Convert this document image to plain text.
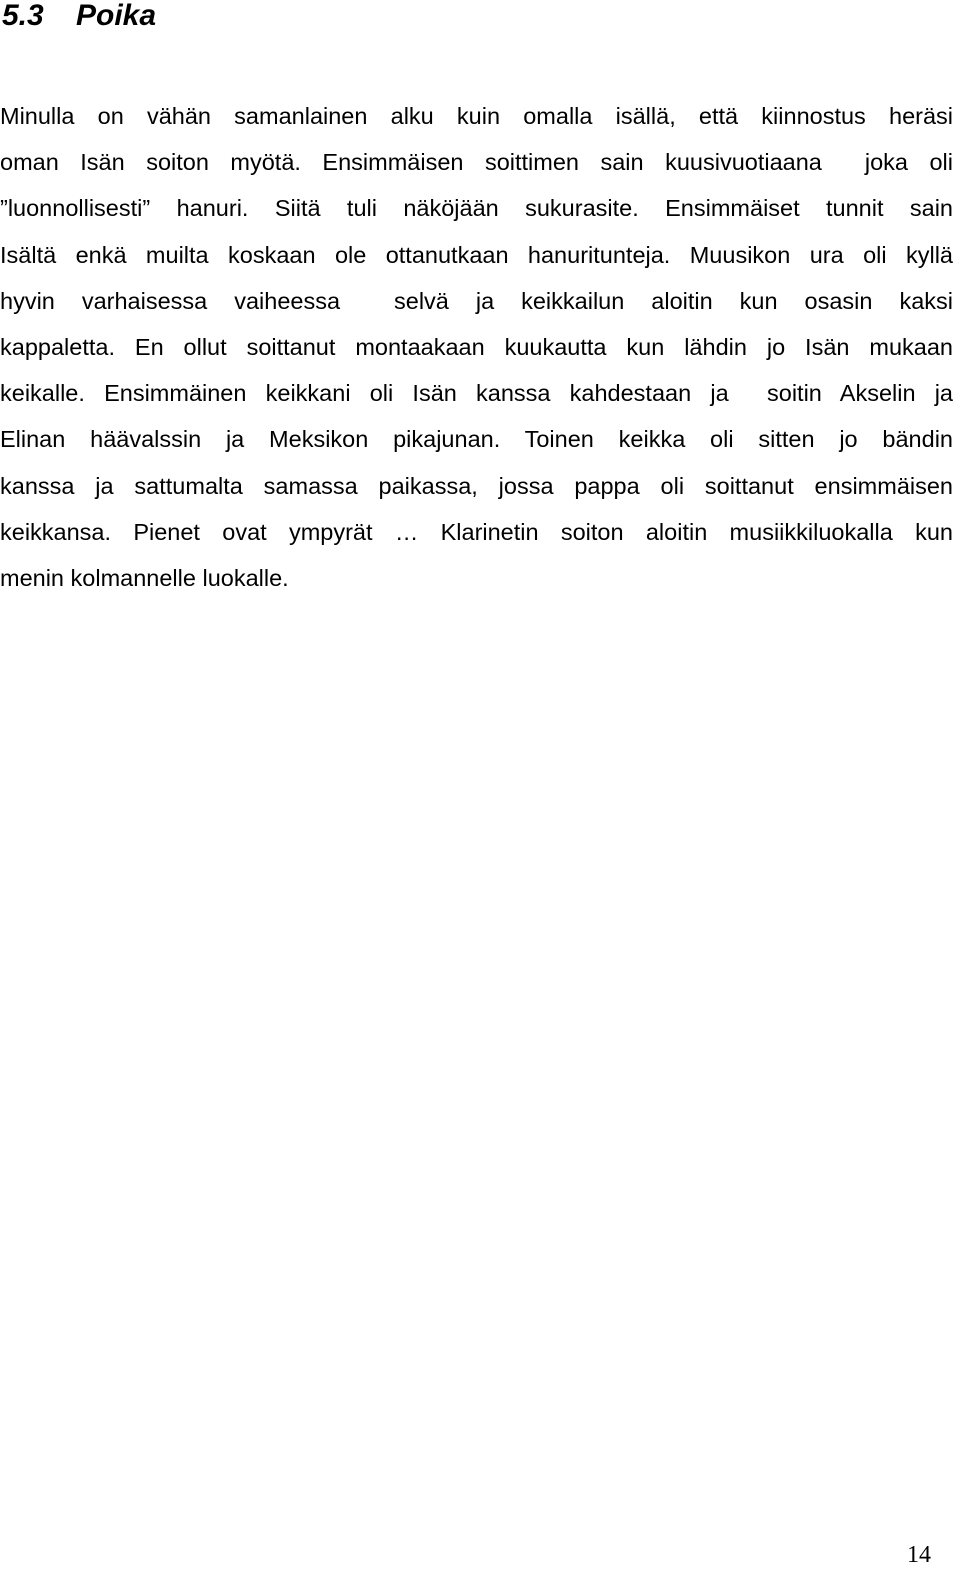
5.3 Poika
Minulla on vähän samanlainen alku kuin omalla isällä, että kiinnostus heräsi
oman Isän soiton myötä. Ensimmäisen soittimen sain kuusivuotiaana  joka oli
”luonnollisesti” hanuri. Siitä tuli näköjään sukurasite. Ensimmäiset tunnit sain
Isältä enkä muilta koskaan ole ottanutkaan hanuritunteja. Muusikon ura oli kyllä
hyvin varhaisessa vaiheessa  selvä ja keikkailun aloitin kun osasin kaksi
kappaletta. En ollut soittanut montaakaan kuukautta kun lähdin jo Isän mukaan
keikalle. Ensimmäinen keikkani oli Isän kanssa kahdestaan ja  soitin Akselin ja
Elinan häävalssin ja Meksikon pikajunan. Toinen keikka oli sitten jo bändin
kanssa ja sattumalta samassa paikassa, jossa pappa oli soittanut ensimmäisen
keikkansa. Pienet ovat ympyrät … Klarinetin soiton aloitin musiikkiluokalla kun
menin kolmannelle luokalle.
14
